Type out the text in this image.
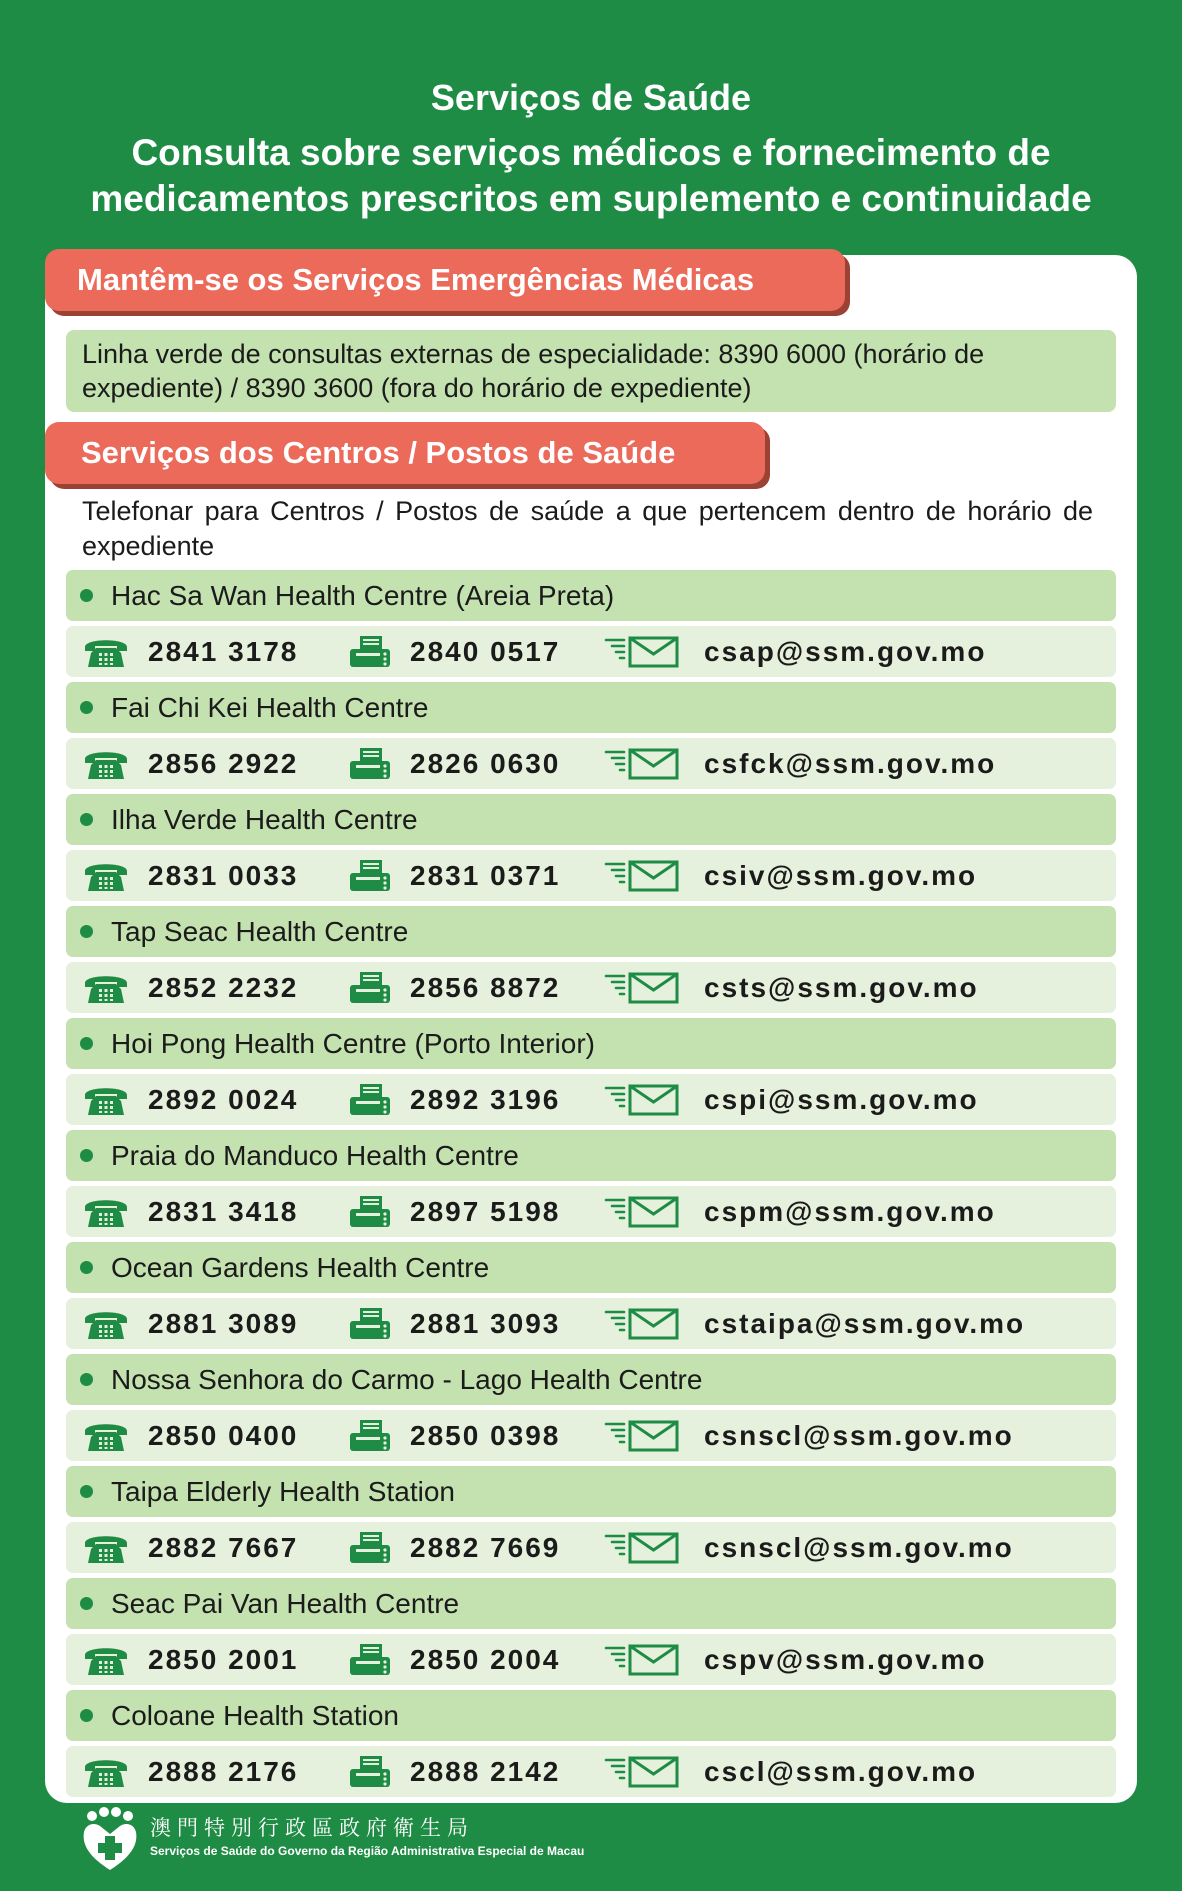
Serviços de Saúde
Consulta sobre serviços médicos e fornecimento de
medicamentos prescritos em suplemento e continuidade
Mantêm-se os Serviços Emergências Médicas
Linha verde de consultas externas de especialidade: 8390 6000 (horário de expediente) / 8390 3600 (fora do horário de expediente)
Serviços dos Centros / Postos de Saúde
Telefonar para Centros / Postos de saúde a que pertencem dentro de horário de expediente
Hac Sa Wan Health Centre (Areia Preta)
2841 3178	2840 0517	csap@ssm.gov.mo
Fai Chi Kei Health Centre
2856 2922	2826 0630	csfck@ssm.gov.mo
Ilha Verde Health Centre
2831 0033	2831 0371	csiv@ssm.gov.mo
Tap Seac Health Centre
2852 2232	2856 8872	csts@ssm.gov.mo
Hoi Pong Health Centre (Porto Interior)
2892 0024	2892 3196	cspi@ssm.gov.mo
Praia do Manduco Health Centre
2831 3418	2897 5198	cspm@ssm.gov.mo
Ocean Gardens Health Centre
2881 3089	2881 3093	cstaipa@ssm.gov.mo
Nossa Senhora do Carmo - Lago Health Centre
2850 0400	2850 0398	csnscl@ssm.gov.mo
Taipa Elderly Health Station
2882 7667	2882 7669	csnscl@ssm.gov.mo
Seac Pai Van Health Centre
2850 2001	2850 2004	cspv@ssm.gov.mo
Coloane Health Station
2888 2176	2888 2142	cscl@ssm.gov.mo
澳門特別行政區政府衛生局
Serviços de Saúde do Governo da Região Administrativa Especial de Macau
